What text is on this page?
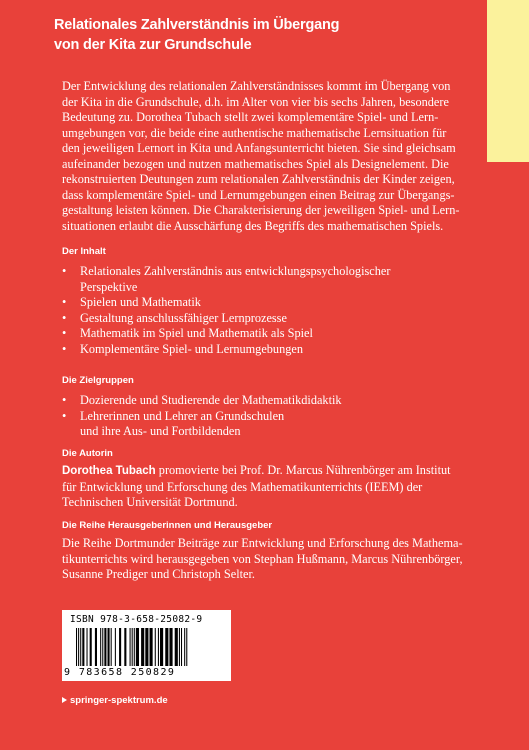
Relationales Zahlverständnis im Übergang
von der Kita zur Grundschule
Der Entwicklung des relationalen Zahlverständnisses kommt im Übergang von
der Kita in die Grundschule, d.h. im Alter von vier bis sechs Jahren, besondere
Bedeutung zu. Dorothea Tubach stellt zwei komplementäre Spiel- und Lern-
umgebungen vor, die beide eine authentische mathematische Lernsituation für
den jeweiligen Lernort in Kita und Anfangsunterricht bieten. Sie sind gleichsam
aufeinander bezogen und nutzen mathematisches Spiel als Designelement. Die
rekonstruierten Deutungen zum relationalen Zahlverständnis der Kinder zeigen,
dass komplementäre Spiel- und Lernumgebungen einen Beitrag zur Übergangs-
gestaltung leisten können. Die Charakterisierung der jeweiligen Spiel- und Lern-
situationen erlaubt die Ausschärfung des Begriffs des mathematischen Spiels.
Der Inhalt
• Relationales Zahlverständnis aus entwicklungspsychologischer
Perspektive
• Spielen und Mathematik
• Gestaltung anschlussfähiger Lernprozesse
• Mathematik im Spiel und Mathematik als Spiel
• Komplementäre Spiel- und Lernumgebungen
Die Zielgruppen
• Dozierende und Studierende der Mathematikdidaktik
• Lehrerinnen und Lehrer an Grundschulen
und ihre Aus- und Fortbildenden
Die Autorin
Dorothea Tubach promovierte bei Prof. Dr. Marcus Nührenbörger am Institut
für Entwicklung und Erforschung des Mathematikunterrichts (IEEM) der
Technischen Universität Dortmund.
Die Reihe Herausgeberinnen und Herausgeber
Die Reihe Dortmunder Beiträge zur Entwicklung und Erforschung des Mathema-
tikunterrichts wird herausgegeben von Stephan Hußmann, Marcus Nührenbörger,
Susanne Prediger und Christoph Selter.
ISBN 978-3-658-25082-9
9 783658 250829
springer-spektrum.de
